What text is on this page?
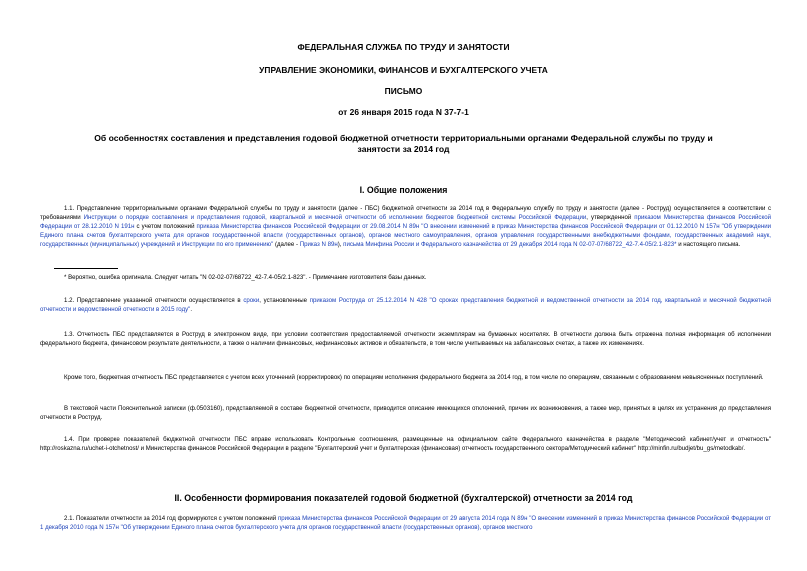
ФЕДЕРАЛЬНАЯ СЛУЖБА ПО ТРУДУ И ЗАНЯТОСТИ
УПРАВЛЕНИЕ ЭКОНОМИКИ, ФИНАНСОВ И БУХГАЛТЕРСКОГО УЧЕТА
ПИСЬМО
от 26 января 2015 года N 37-7-1
Об особенностях составления и представления годовой бюджетной отчетности территориальными органами Федеральной службы по труду и занятости за 2014 год
I. Общие положения

1.1. Представление территориальными органами Федеральной службы по труду и занятости (далее - ПБС) бюджетной отчетности за 2014 год в Федеральную службу по труду и занятости (далее - Роструд) осуществляется в соответствии с требованиями Инструкции о порядке составления и представления годовой, квартальной и месячной отчетности об исполнении бюджетов бюджетной системы Российской Федерации, утвержденной приказом Министерства финансов Российской Федерации от 28.12.2010 N 191н с учетом положений приказа Министерства финансов Российской Федерации от 29.08.2014 N 89н "О внесении изменений в приказ Министерства финансов Российской Федерации от 01.12.2010 N 157н "Об утверждении Единого плана счетов бухгалтерского учета для органов государственной власти (государственных органов), органов местного самоуправления, органов управления государственными внебюджетными фондами, государственных академий наук, государственных (муниципальных) учреждений и Инструкции по его применению" (далее - Приказ N 89н), письма Минфина России и Федерального казначейства от 29 декабря 2014 года N 02-07-07/68722_42-7.4-05/2.1-823* и настоящего письма.

* Вероятно, ошибка оригинала. Следует читать "N 02-02-07/68722_42-7.4-05/2.1-823". - Примечание изготовителя базы данных.

1.2. Представление указанной отчетности осуществляется в сроки, установленные приказом Роструда от 25.12.2014 N 428 "О сроках представления бюджетной и ведомственной отчетности за 2014 год, квартальной и месячной бюджетной отчетности и ведомственной отчетности в 2015 году".

1.3. Отчетность ПБС представляется в Роструд в электронном виде, при условии соответствия предоставляемой отчетности экземплярам на бумажных носителях. В отчетности должна быть отражена полная информация об исполнении федерального бюджета, финансовом результате деятельности, а также о наличии финансовых, нефинансовых активов и обязательств, в том числе учитываемых на забалансовых счетах, а также их изменениях.

Кроме того, бюджетная отчетность ПБС представляется с учетом всех уточнений (корректировок) по операциям исполнения федерального бюджета за 2014 год, в том числе по операциям, связанным с образованием невыясненных поступлений.

В текстовой части Пояснительной записки (ф.0503160), представляемой в составе бюджетной отчетности, приводится описание имеющихся отклонений, причин их возникновения, а также мер, принятых в целях их устранения до представления отчетности в Роструд.

1.4. При проверке показателей бюджетной отчетности ПБС вправе использовать Контрольные соотношения, размещенные на официальном сайте Федерального казначейства в разделе "Методический кабинет/учет и отчетность" http://roskazna.ru/uchet-i-otchetnost/ и Министерства финансов Российской Федерации в разделе "Бухгалтерский учет и бухгалтерская (финансовая) отчетность государственного сектора/Методический кабинет" http://minfin.ru/budjet/bu_gs/metodkab/.

II. Особенности формирования показателей годовой бюджетной (бухгалтерской) отчетности за 2014 год

2.1. Показатели отчетности за 2014 год формируются с учетом положений приказа Министерства финансов Российской Федерации от 29 августа 2014 года N 89н "О внесении изменений в приказ Министерства финансов Российской Федерации от 1 декабря 2010 года N 157н "Об утверждении Единого плана счетов бухгалтерского учета для органов государственной власти (государственных органов), органов местного
